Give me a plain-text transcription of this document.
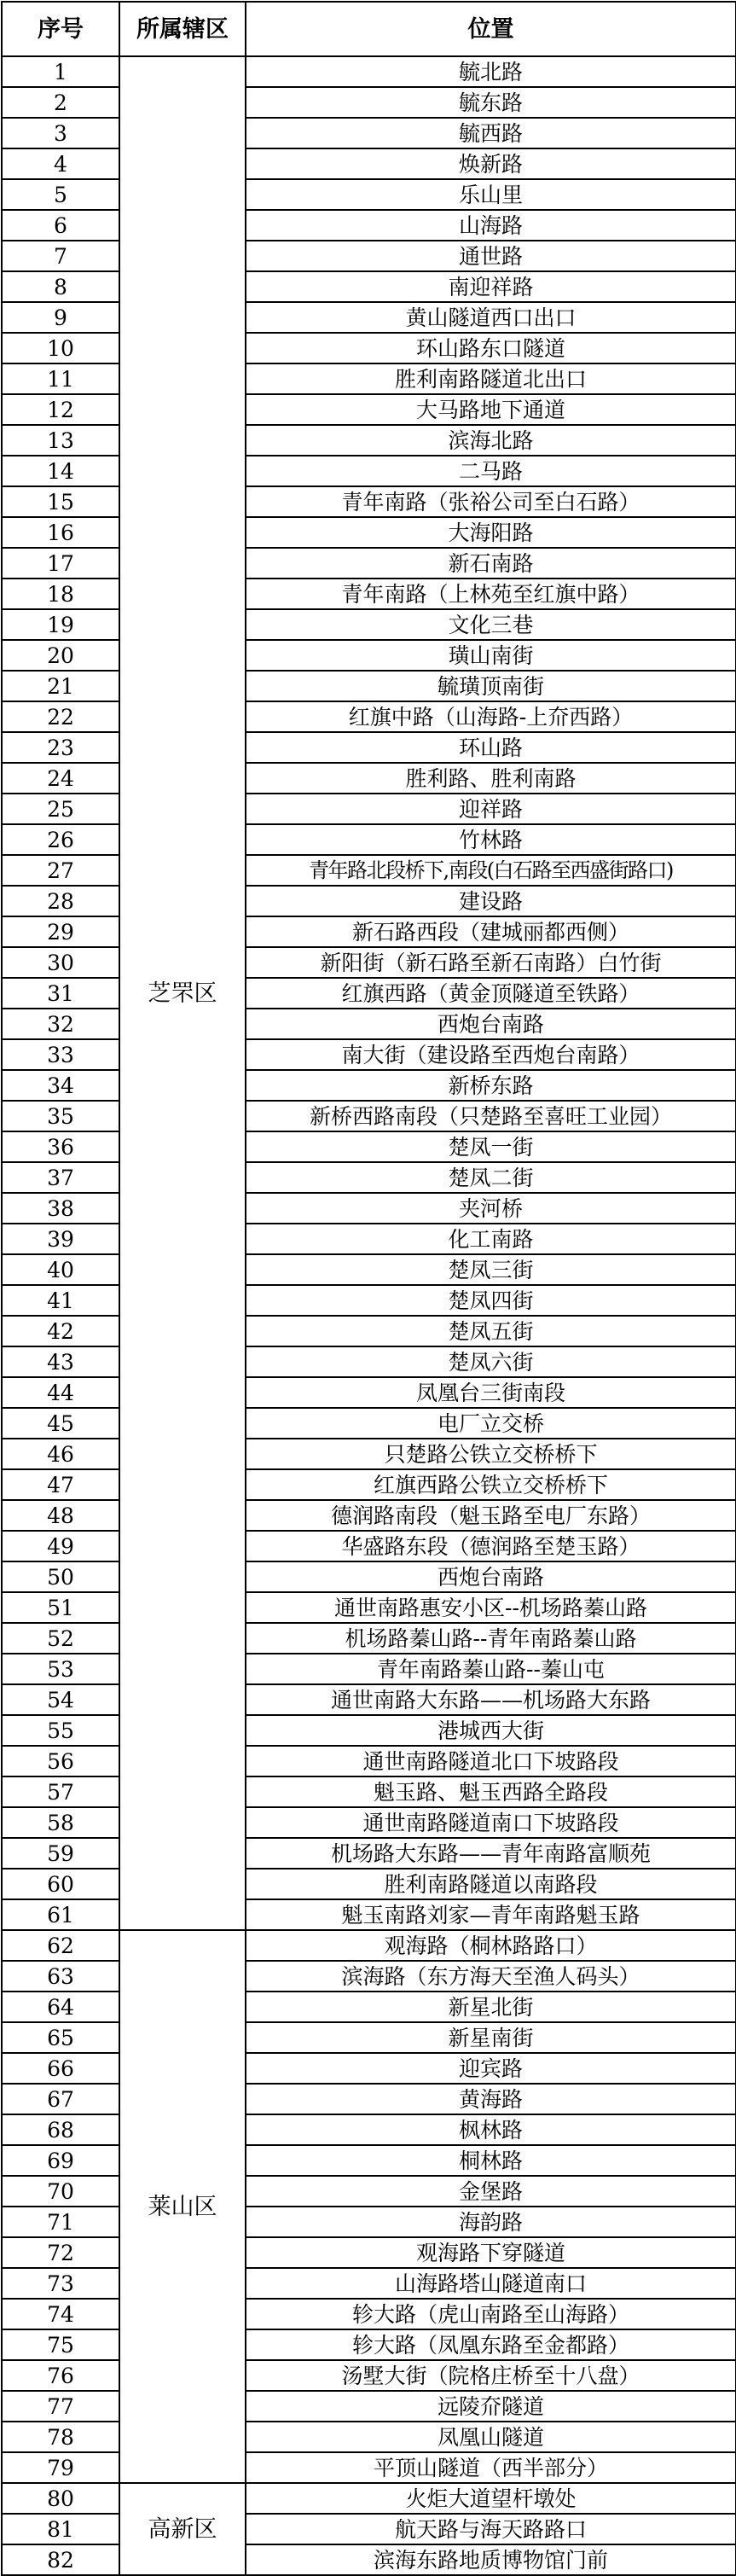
序号	所属辖区	位置
1	芝罘区	毓北路
2		毓东路
3		毓西路
4		焕新路
5		乐山里
6		山海路
7		通世路
8		南迎祥路
9		黄山隧道西口出口
10		环山路东口隧道
11		胜利南路隧道北出口
12		大马路地下通道
13		滨海北路
14		二马路
15		青年南路（张裕公司至白石路）
16		大海阳路
17		新石南路
18		青年南路（上林苑至红旗中路）
19		文化三巷
20		璜山南街
21		毓璜顶南街
22		红旗中路（山海路-上夼西路）
23		环山路
24		胜利路、胜利南路
25		迎祥路
26		竹林路
27		青年路北段桥下,南段(白石路至西盛街路口)
28		建设路
29		新石路西段（建城丽都西侧）
30		新阳街（新石路至新石南路）白竹街
31		红旗西路（黄金顶隧道至铁路）
32		西炮台南路
33		南大街（建设路至西炮台南路）
34		新桥东路
35		新桥西路南段（只楚路至喜旺工业园）
36		楚凤一街
37		楚凤二街
38		夹河桥
39		化工南路
40		楚凤三街
41		楚凤四街
42		楚凤五街
43		楚凤六街
44		凤凰台三街南段
45		电厂立交桥
46		只楚路公铁立交桥桥下
47		红旗西路公铁立交桥桥下
48		德润路南段（魁玉路至电厂东路）
49		华盛路东段（德润路至楚玉路）
50		西炮台南路
51		通世南路惠安小区--机场路蓁山路
52		机场路蓁山路--青年南路蓁山路
53		青年南路蓁山路--蓁山屯
54		通世南路大东路——机场路大东路
55		港城西大街
56		通世南路隧道北口下坡路段
57		魁玉路、魁玉西路全路段
58		通世南路隧道南口下坡路段
59		机场路大东路——青年南路富顺苑
60		胜利南路隧道以南路段
61		魁玉南路刘家—青年南路魁玉路
62	莱山区	观海路（桐林路路口）
63		滨海路（东方海天至渔人码头）
64		新星北街
65		新星南街
66		迎宾路
67		黄海路
68		枫林路
69		桐林路
70		金堡路
71		海韵路
72		观海路下穿隧道
73		山海路塔山隧道南口
74		轸大路（虎山南路至山海路）
75		轸大路（凤凰东路至金都路）
76		汤墅大街（院格庄桥至十八盘）
77		远陵夼隧道
78		凤凰山隧道
79		平顶山隧道（西半部分）
80	高新区	火炬大道望杆墩处
81		航天路与海天路路口
82		滨海东路地质博物馆门前
